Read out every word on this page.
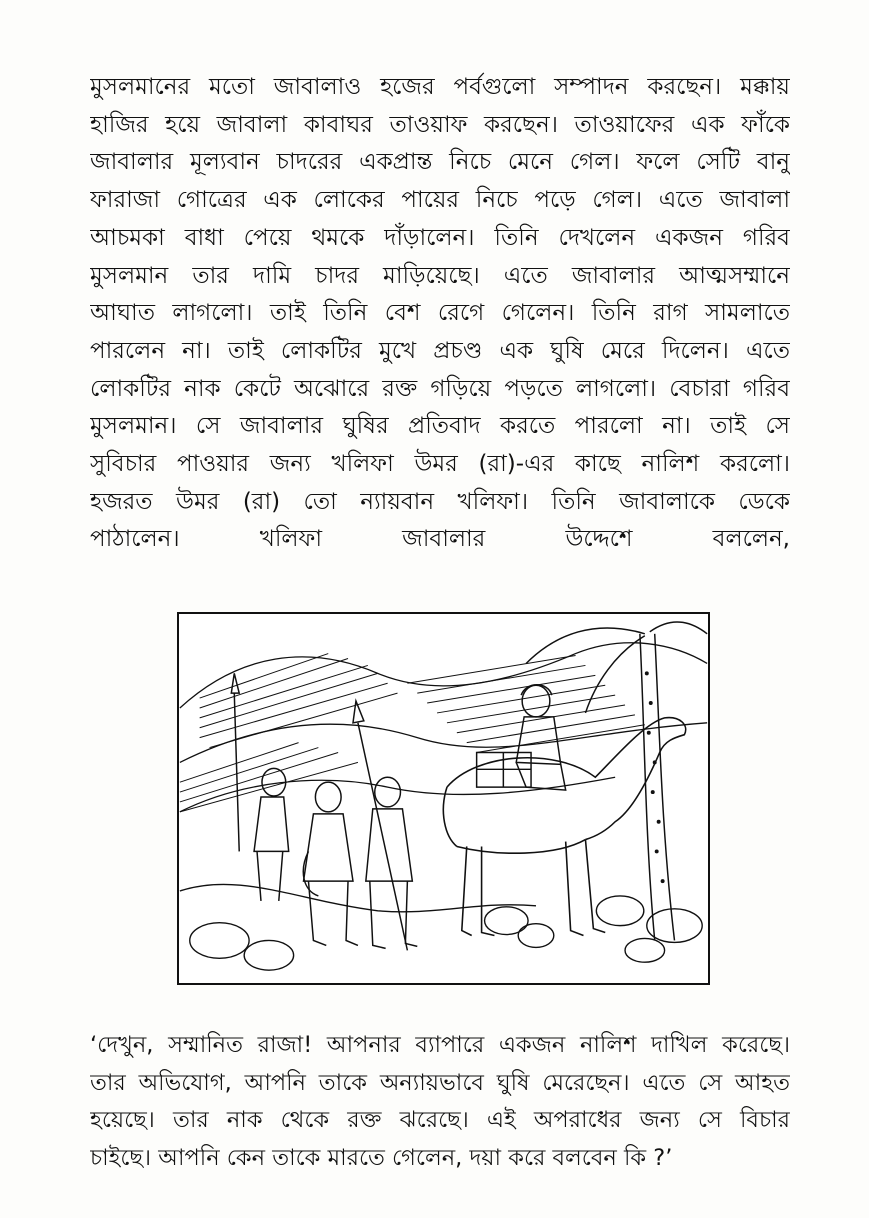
মুসলমানের মতো জাবালাও হজের পর্বগুলো সম্পাদন করছেন। মক্কায়
হাজির হয়ে জাবালা কাবাঘর তাওয়াফ করছেন। তাওয়াফের এক ফাঁকে
জাবালার মূল্যবান চাদরের একপ্রান্ত নিচে মেনে গেল। ফলে সেটি বানু
ফারাজা গোত্রের এক লোকের পায়ের নিচে পড়ে গেল। এতে জাবালা
আচমকা বাধা পেয়ে থমকে দাঁড়ালেন। তিনি দেখলেন একজন গরিব
মুসলমান তার দামি চাদর মাড়িয়েছে। এতে জাবালার আত্মসম্মানে
আঘাত লাগলো। তাই তিনি বেশ রেগে গেলেন। তিনি রাগ সামলাতে
পারলেন না। তাই লোকটির মুখে প্রচণ্ড এক ঘুষি মেরে দিলেন। এতে
লোকটির নাক কেটে অঝোরে রক্ত গড়িয়ে পড়তে লাগলো। বেচারা গরিব
মুসলমান। সে জাবালার ঘুষির প্রতিবাদ করতে পারলো না। তাই সে
সুবিচার পাওয়ার জন্য খলিফা উমর (রা)-এর কাছে নালিশ করলো।
হজরত উমর (রা) তো ন্যায়বান খলিফা। তিনি জাবালাকে ডেকে
পাঠালেন। খলিফা জাবালার উদ্দেশে বললেন,
‘দেখুন, সম্মানিত রাজা! আপনার ব্যাপারে একজন নালিশ দাখিল করেছে।
তার অভিযোগ, আপনি তাকে অন্যায়ভাবে ঘুষি মেরেছেন। এতে সে আহত
হয়েছে। তার নাক থেকে রক্ত ঝরেছে। এই অপরাধের জন্য সে বিচার
চাইছে। আপনি কেন তাকে মারতে গেলেন, দয়া করে বলবেন কি ?’
